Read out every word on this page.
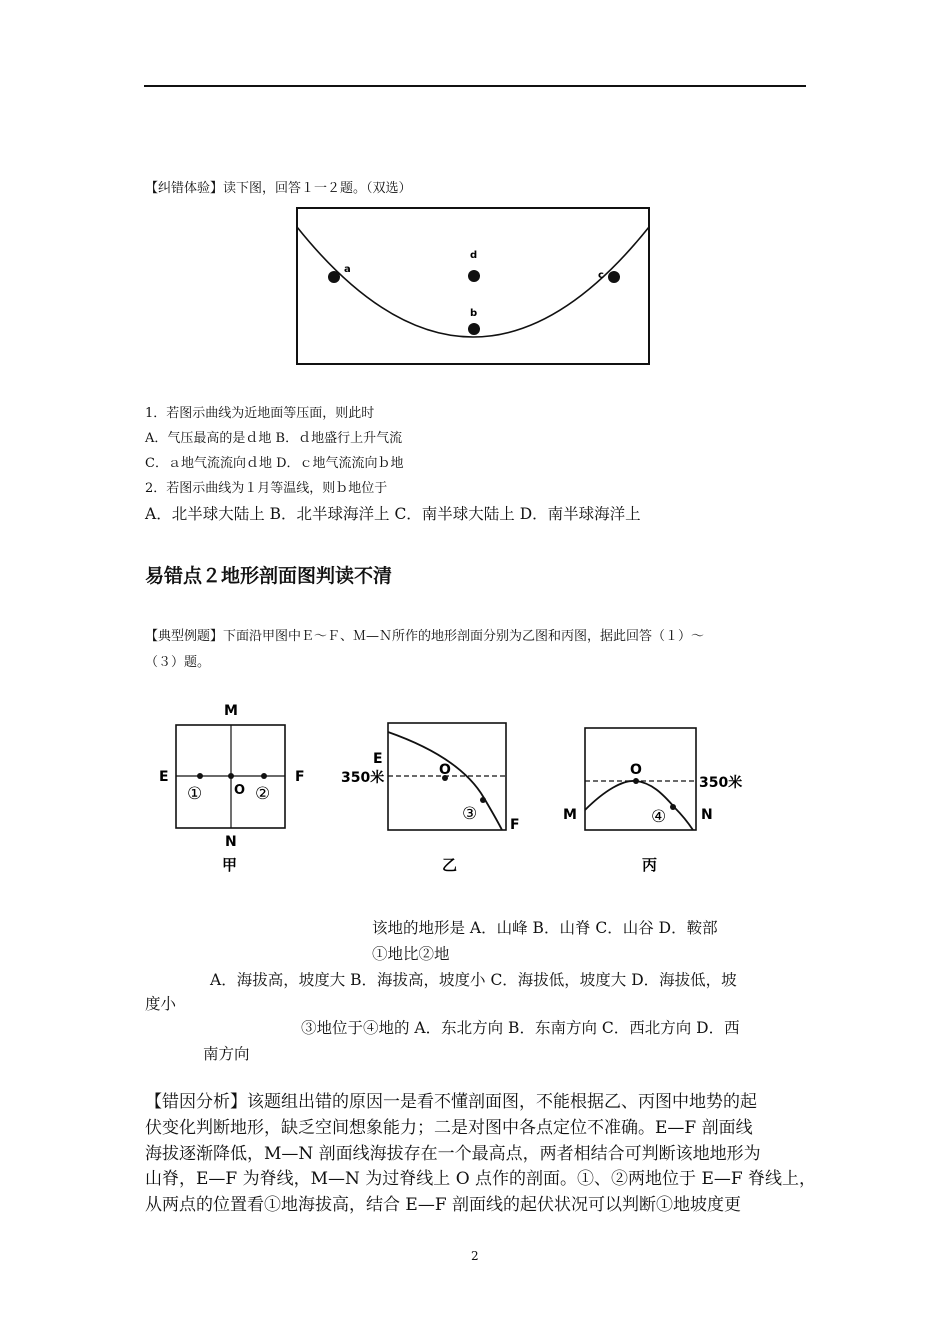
【纠错体验】读下图，回答１一２题。（双选）
a
d
b
c
1．若图示曲线为近地面等压面，则此时
A．气压最高的是ｄ地 B．ｄ地盛行上升气流
C．ａ地气流流向ｄ地 D．ｃ地气流流向ｂ地
2．若图示曲线为１月等温线，则ｂ地位于
A．北半球大陆上 B．北半球海洋上 C．南半球大陆上 D．南半球海洋上
易错点２地形剖面图判读不清
【典型例题】下面沿甲图中Ｅ～Ｆ、Ｍ—Ｎ所作的地形剖面分别为乙图和丙图，据此回答（１）～
（３）题。
M
N
E	F
O
①	②
甲
E
350米	O
③
F
乙
M
O
350米
④ N
丙
该地的地形是 A．山峰 B．山脊 C．山谷 D．鞍部
①地比②地
A．海拔高，坡度大 B．海拔高，坡度小 C．海拔低，坡度大 D．海拔低，坡
度小
③地位于④地的 A．东北方向 B．东南方向 C．西北方向 D．西
南方向
【错因分析】该题组出错的原因一是看不懂剖面图，不能根据乙、丙图中地势的起
伏变化判断地形，缺乏空间想象能力；二是对图中各点定位不准确。E—F 剖面线
海拔逐渐降低，M—N 剖面线海拔存在一个最高点，两者相结合可判断该地地形为
山脊，E—F 为脊线，M—N 为过脊线上 O 点作的剖面。①、②两地位于 E—F 脊线上，
从两点的位置看①地海拔高，结合 E—F 剖面线的起伏状况可以判断①地坡度更
2
